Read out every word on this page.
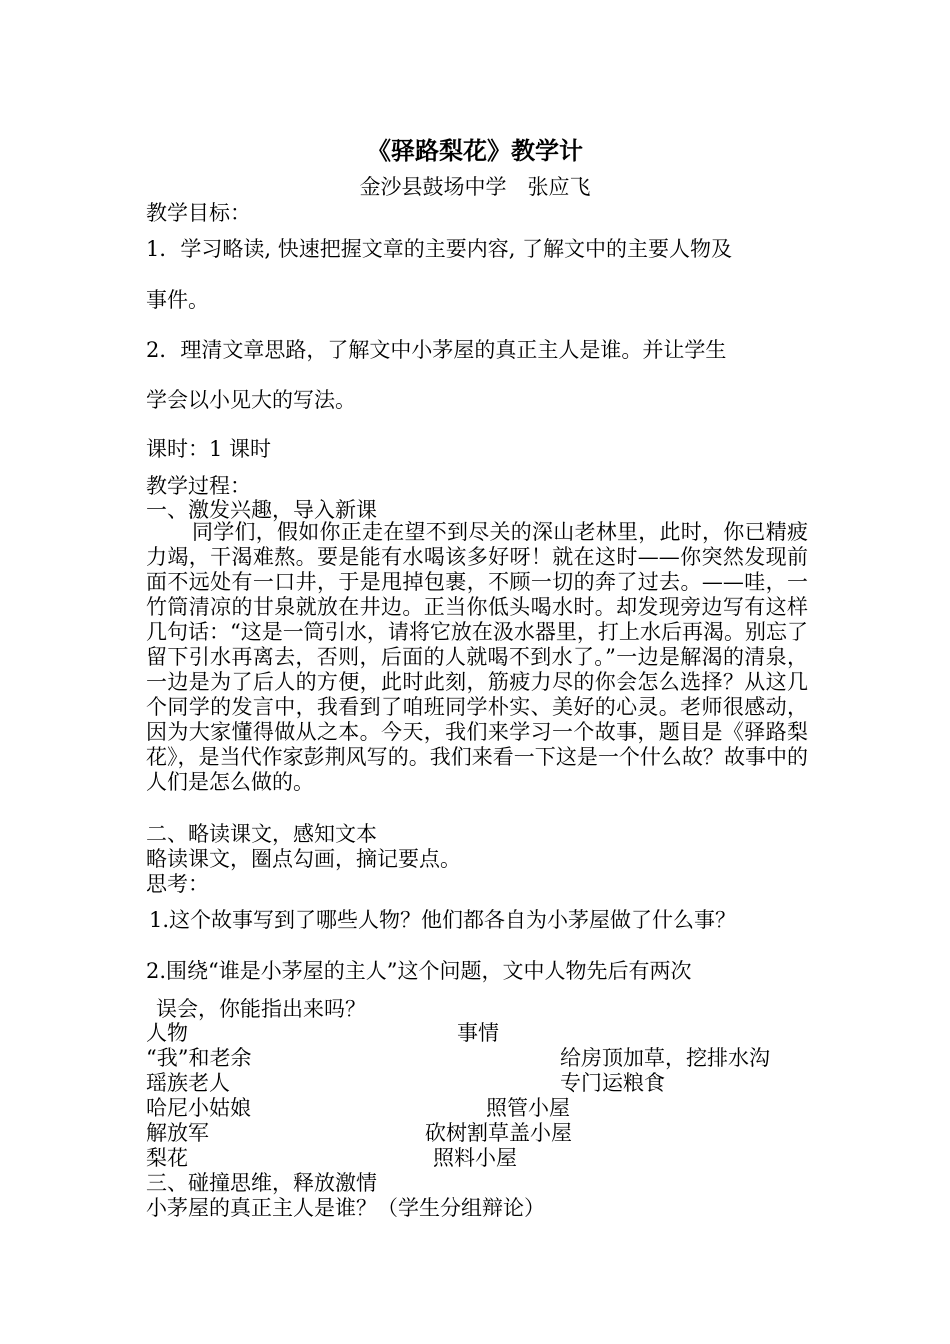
《驿路梨花》教学计
金沙县鼓场中学　张应飞
教学目标：
1．学习略读, 快速把握文章的主要内容, 了解文中的主要人物及
事件。
2．理清文章思路，了解文中小茅屋的真正主人是谁。并让学生
学会以小见大的写法。
课时：1 课时
教学过程：
一、激发兴趣，导入新课
同学们，假如你正走在望不到尽关的深山老林里，此时，你已精疲力竭，干渴难熬。要是能有水喝该多好呀！就在这时——你突然发现前面不远处有一口井，于是甩掉包裹，不顾一切的奔了过去。——哇，一竹筒清凉的甘泉就放在井边。正当你低头喝水时。却发现旁边写有这样几句话：“这是一筒引水，请将它放在汲水器里，打上水后再渴。别忘了留下引水再离去，否则，后面的人就喝不到水了。”一边是解渴的清泉，一边是为了后人的方便，此时此刻，筋疲力尽的你会怎么选择？从这几个同学的发言中，我看到了咱班同学朴实、美好的心灵。老师很感动，因为大家懂得做从之本。今天，我们来学习一个故事，题目是《驿路梨花》，是当代作家彭荆风写的。我们来看一下这是一个什么故？故事中的人们是怎么做的。
二、略读课文，感知文本
略读课文，圈点勾画，摘记要点。
思考：
1.这个故事写到了哪些人物？他们都各自为小茅屋做了什么事？
2.围绕“谁是小茅屋的主人”这个问题，文中人物先后有两次
误会，你能指出来吗？
人物	事情
“我”和老余	给房顶加草，挖排水沟
瑶族老人	专门运粮食
哈尼小姑娘	照管小屋
解放军	砍树割草盖小屋
梨花	照料小屋
三、碰撞思维，释放激情
小茅屋的真正主人是谁？（学生分组辩论）
